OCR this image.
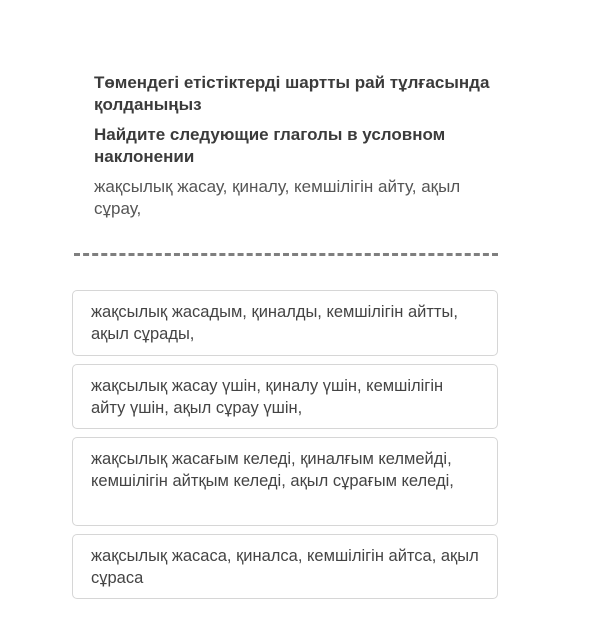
Төмендегі етістіктерді шартты рай тұлғасында қолданыңыз

Найдите следующие глаголы в условном наклонении

жақсылық жасау, қиналу, кемшілігін айту, ақыл сұрау,

жақсылық жасадым, қиналды, кемшілігін айтты, ақыл сұрады,
жақсылық жасау үшін, қиналу үшін, кемшілігін айту үшін, ақыл сұрау үшін,
жақсылық жасағым келеді, қиналғым келмейді, кемшілігін айтқым келеді, ақыл сұрағым келеді,
жақсылық жасаса, қиналса, кемшілігін айтса, ақыл сұраса
